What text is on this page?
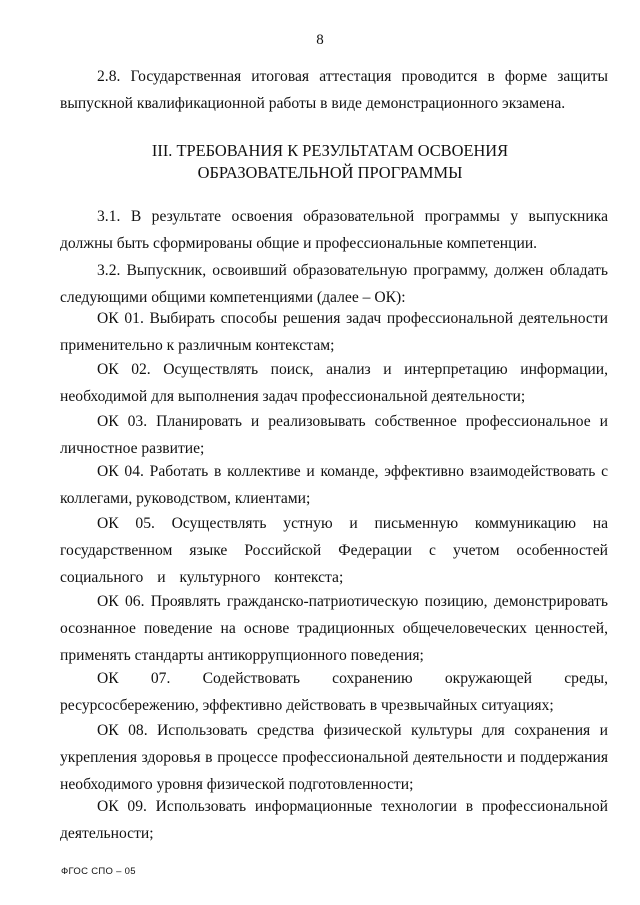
8

2.8. Государственная итоговая аттестация проводится в форме защиты выпускной квалификационной работы в виде демонстрационного экзамена.

III. ТРЕБОВАНИЯ К РЕЗУЛЬТАТАМ ОСВОЕНИЯ ОБРАЗОВАТЕЛЬНОЙ ПРОГРАММЫ

3.1. В результате освоения образовательной программы у выпускника должны быть сформированы общие и профессиональные компетенции.

3.2. Выпускник, освоивший образовательную программу, должен обладать следующими общими компетенциями (далее – ОК):

ОК 01. Выбирать способы решения задач профессиональной деятельности применительно к различным контекстам;

ОК 02. Осуществлять поиск, анализ и интерпретацию информации, необходимой для выполнения задач профессиональной деятельности;

ОК 03. Планировать и реализовывать собственное профессиональное и личностное развитие;

ОК 04. Работать в коллективе и команде, эффективно взаимодействовать с коллегами, руководством, клиентами;

ОК 05. Осуществлять устную и письменную коммуникацию на государственном языке Российской Федерации с учетом особенностей социального и культурного контекста;

ОК 06. Проявлять гражданско-патриотическую позицию, демонстрировать осознанное поведение на основе традиционных общечеловеческих ценностей, применять стандарты антикоррупционного поведения;

ОК 07. Содействовать сохранению окружающей среды, ресурсосбережению, эффективно действовать в чрезвычайных ситуациях;

ОК 08. Использовать средства физической культуры для сохранения и укрепления здоровья в процессе профессиональной деятельности и поддержания необходимого уровня физической подготовленности;

ОК 09. Использовать информационные технологии в профессиональной деятельности;

ФГОС СПО – 05
